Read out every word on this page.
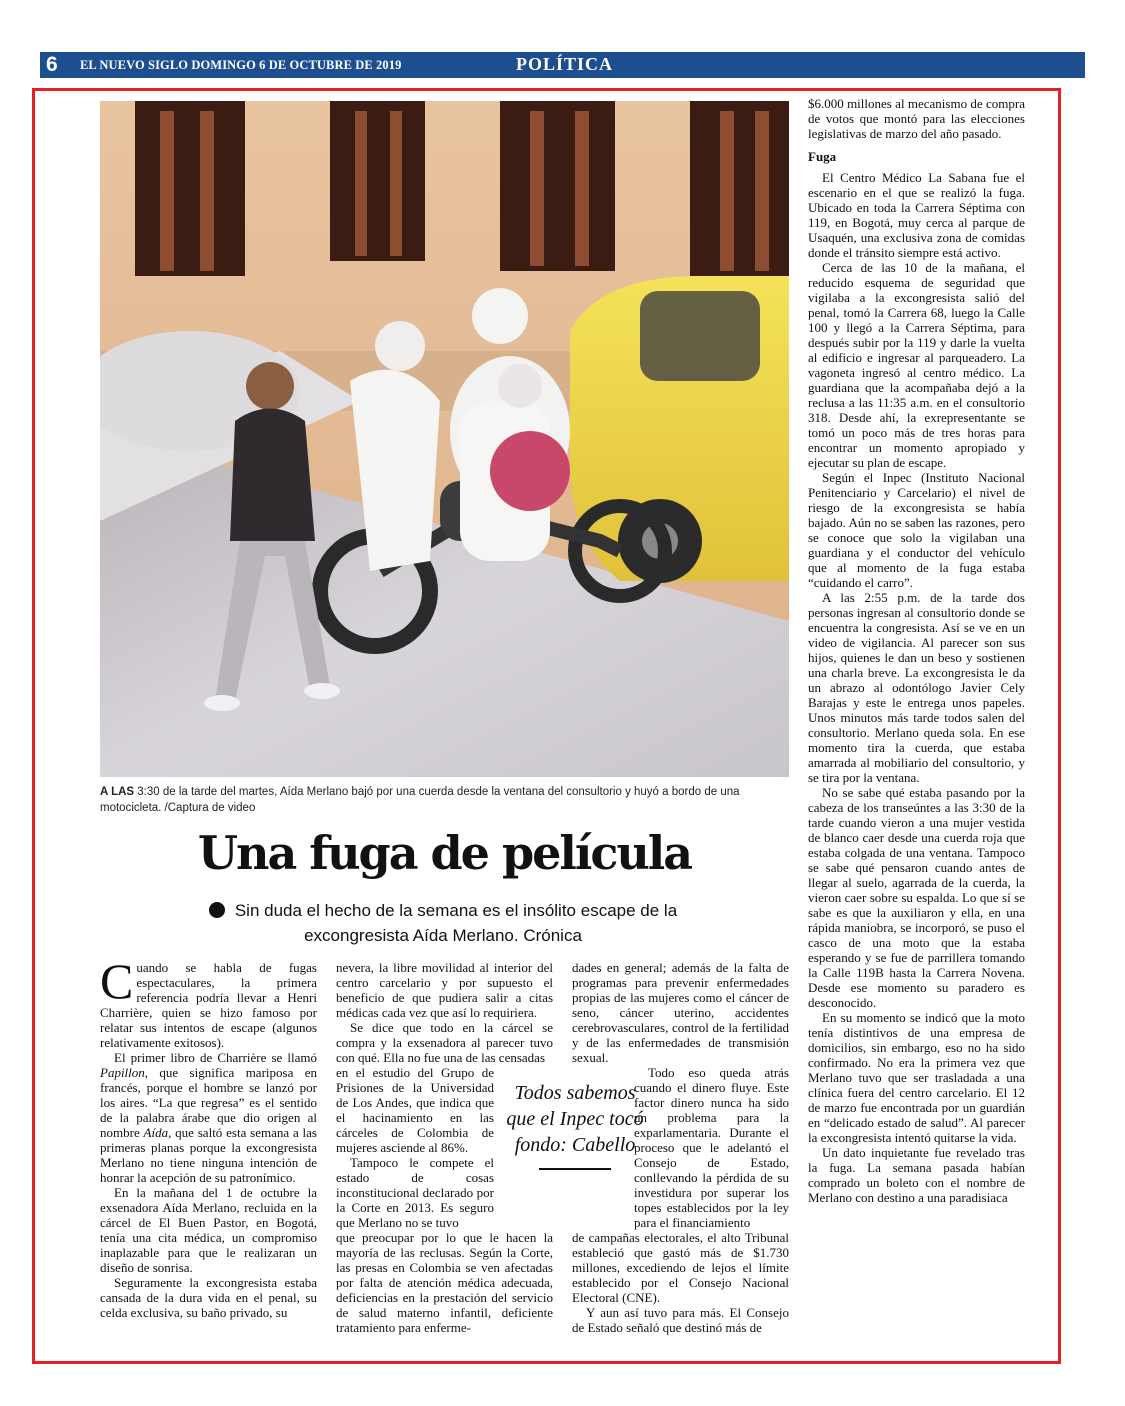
6 EL NUEVO SIGLO DOMINGO 6 DE OCTUBRE DE 2019	POLÍTICA
A LAS 3:30 de la tarde del martes, Aída Merlano bajó por una cuerda desde la ventana del consultorio y huyó a bordo de una motocicleta. /Captura de video
Una fuga de película
Sin duda el hecho de la semana es el insólito escape de la excongresista Aída Merlano. Crónica

Cuando se habla de fugas espectaculares, la primera referencia podría llevar a Henri Charrière, quien se hizo famoso por relatar sus intentos de escape (algunos relativamente exitosos).

El primer libro de Charrière se llamó Papillon, que significa mariposa en francés, porque el hombre se lanzó por los aires. “La que regresa” es el sentido de la palabra árabe que dio origen al nombre Aída, que saltó esta semana a las primeras planas porque la excongresista Merlano no tiene ninguna intención de honrar la acepción de su patronímico.

En la mañana del 1 de octubre la exsenadora Aída Merlano, recluida en la cárcel de El Buen Pastor, en Bogotá, tenía una cita médica, un compromiso inaplazable para que le realizaran un diseño de sonrisa.

Seguramente la excongresista estaba cansada de la dura vida en el penal, su celda exclusiva, su baño privado, su

nevera, la libre movilidad al interior del centro carcelario y por supuesto el beneficio de que pudiera salir a citas médicas cada vez que así lo requiriera.

Se dice que todo en la cárcel se compra y la exsenadora al parecer tuvo con qué. Ella no fue una de las censadas

en el estudio del Grupo de Prisiones de la Universidad de Los Andes, que indica que el hacinamiento en las cárceles de Colombia de mujeres asciende al 86%.

Tampoco le compete el estado de cosas inconstitucional declarado por la Corte en 2013. Es seguro que Merlano no se tuvo

que preocupar por lo que le hacen la mayoría de las reclusas. Según la Corte, las presas en Colombia se ven afectadas por falta de atención médica adecuada, deficiencias en la prestación del servicio de salud materno infantil, deficiente tratamiento para enferme-

dades en general; además de la falta de programas para prevenir enfermedades propias de las mujeres como el cáncer de seno, cáncer uterino, accidentes cerebrovasculares, control de la fertilidad y de las enfermedades de transmisión sexual.

Todo eso queda atrás cuando el dinero fluye. Este factor dinero nunca ha sido un problema para la exparlamentaria. Durante el proceso que le adelantó el Consejo de Estado, conllevando la pérdida de su investidura por superar los topes establecidos por la ley para el financiamiento

de campañas electorales, el alto Tribunal estableció que gastó más de $1.730 millones, excediendo de lejos el límite establecido por el Consejo Nacional Electoral (CNE).

Y aun así tuvo para más. El Consejo de Estado señaló que destinó más de

Todos sabemos que el Inpec tocó fondo: Cabello

$6.000 millones al mecanismo de compra de votos que montó para las elecciones legislativas de marzo del año pasado.

Fuga

El Centro Médico La Sabana fue el escenario en el que se realizó la fuga. Ubicado en toda la Carrera Séptima con 119, en Bogotá, muy cerca al parque de Usaquén, una exclusiva zona de comidas donde el tránsito siempre está activo.

Cerca de las 10 de la mañana, el reducido esquema de seguridad que vigilaba a la excongresista salió del penal, tomó la Carrera 68, luego la Calle 100 y llegó a la Carrera Séptima, para después subir por la 119 y darle la vuelta al edificio e ingresar al parqueadero. La vagoneta ingresó al centro médico. La guardiana que la acompañaba dejó a la reclusa a las 11:35 a.m. en el consultorio 318. Desde ahí, la exrepresentante se tomó un poco más de tres horas para encontrar un momento apropiado y ejecutar su plan de escape.

Según el Inpec (Instituto Nacional Penitenciario y Carcelario) el nivel de riesgo de la excongresista se había bajado. Aún no se saben las razones, pero se conoce que solo la vigilaban una guardiana y el conductor del vehículo que al momento de la fuga estaba “cuidando el carro”.

A las 2:55 p.m. de la tarde dos personas ingresan al consultorio donde se encuentra la congresista. Así se ve en un video de vigilancia. Al parecer son sus hijos, quienes le dan un beso y sostienen una charla breve. La excongresista le da un abrazo al odontólogo Javier Cely Barajas y este le entrega unos papeles. Unos minutos más tarde todos salen del consultorio. Merlano queda sola. En ese momento tira la cuerda, que estaba amarrada al mobiliario del consultorio, y se tira por la ventana.

No se sabe qué estaba pasando por la cabeza de los transeúntes a las 3:30 de la tarde cuando vieron a una mujer vestida de blanco caer desde una cuerda roja que estaba colgada de una ventana. Tampoco se sabe qué pensaron cuando antes de llegar al suelo, agarrada de la cuerda, la vieron caer sobre su espalda. Lo que sí se sabe es que la auxiliaron y ella, en una rápida maniobra, se incorporó, se puso el casco de una moto que la estaba esperando y se fue de parrillera tomando la Calle 119B hasta la Carrera Novena. Desde ese momento su paradero es desconocido.

En su momento se indicó que la moto tenía distintivos de una empresa de domicilios, sin embargo, eso no ha sido confirmado. No era la primera vez que Merlano tuvo que ser trasladada a una clínica fuera del centro carcelario. El 12 de marzo fue encontrada por un guardián en “delicado estado de salud”. Al parecer la excongresista intentó quitarse la vida.

Un dato inquietante fue revelado tras la fuga. La semana pasada habían comprado un boleto con el nombre de Merlano con destino a una paradisiaca
